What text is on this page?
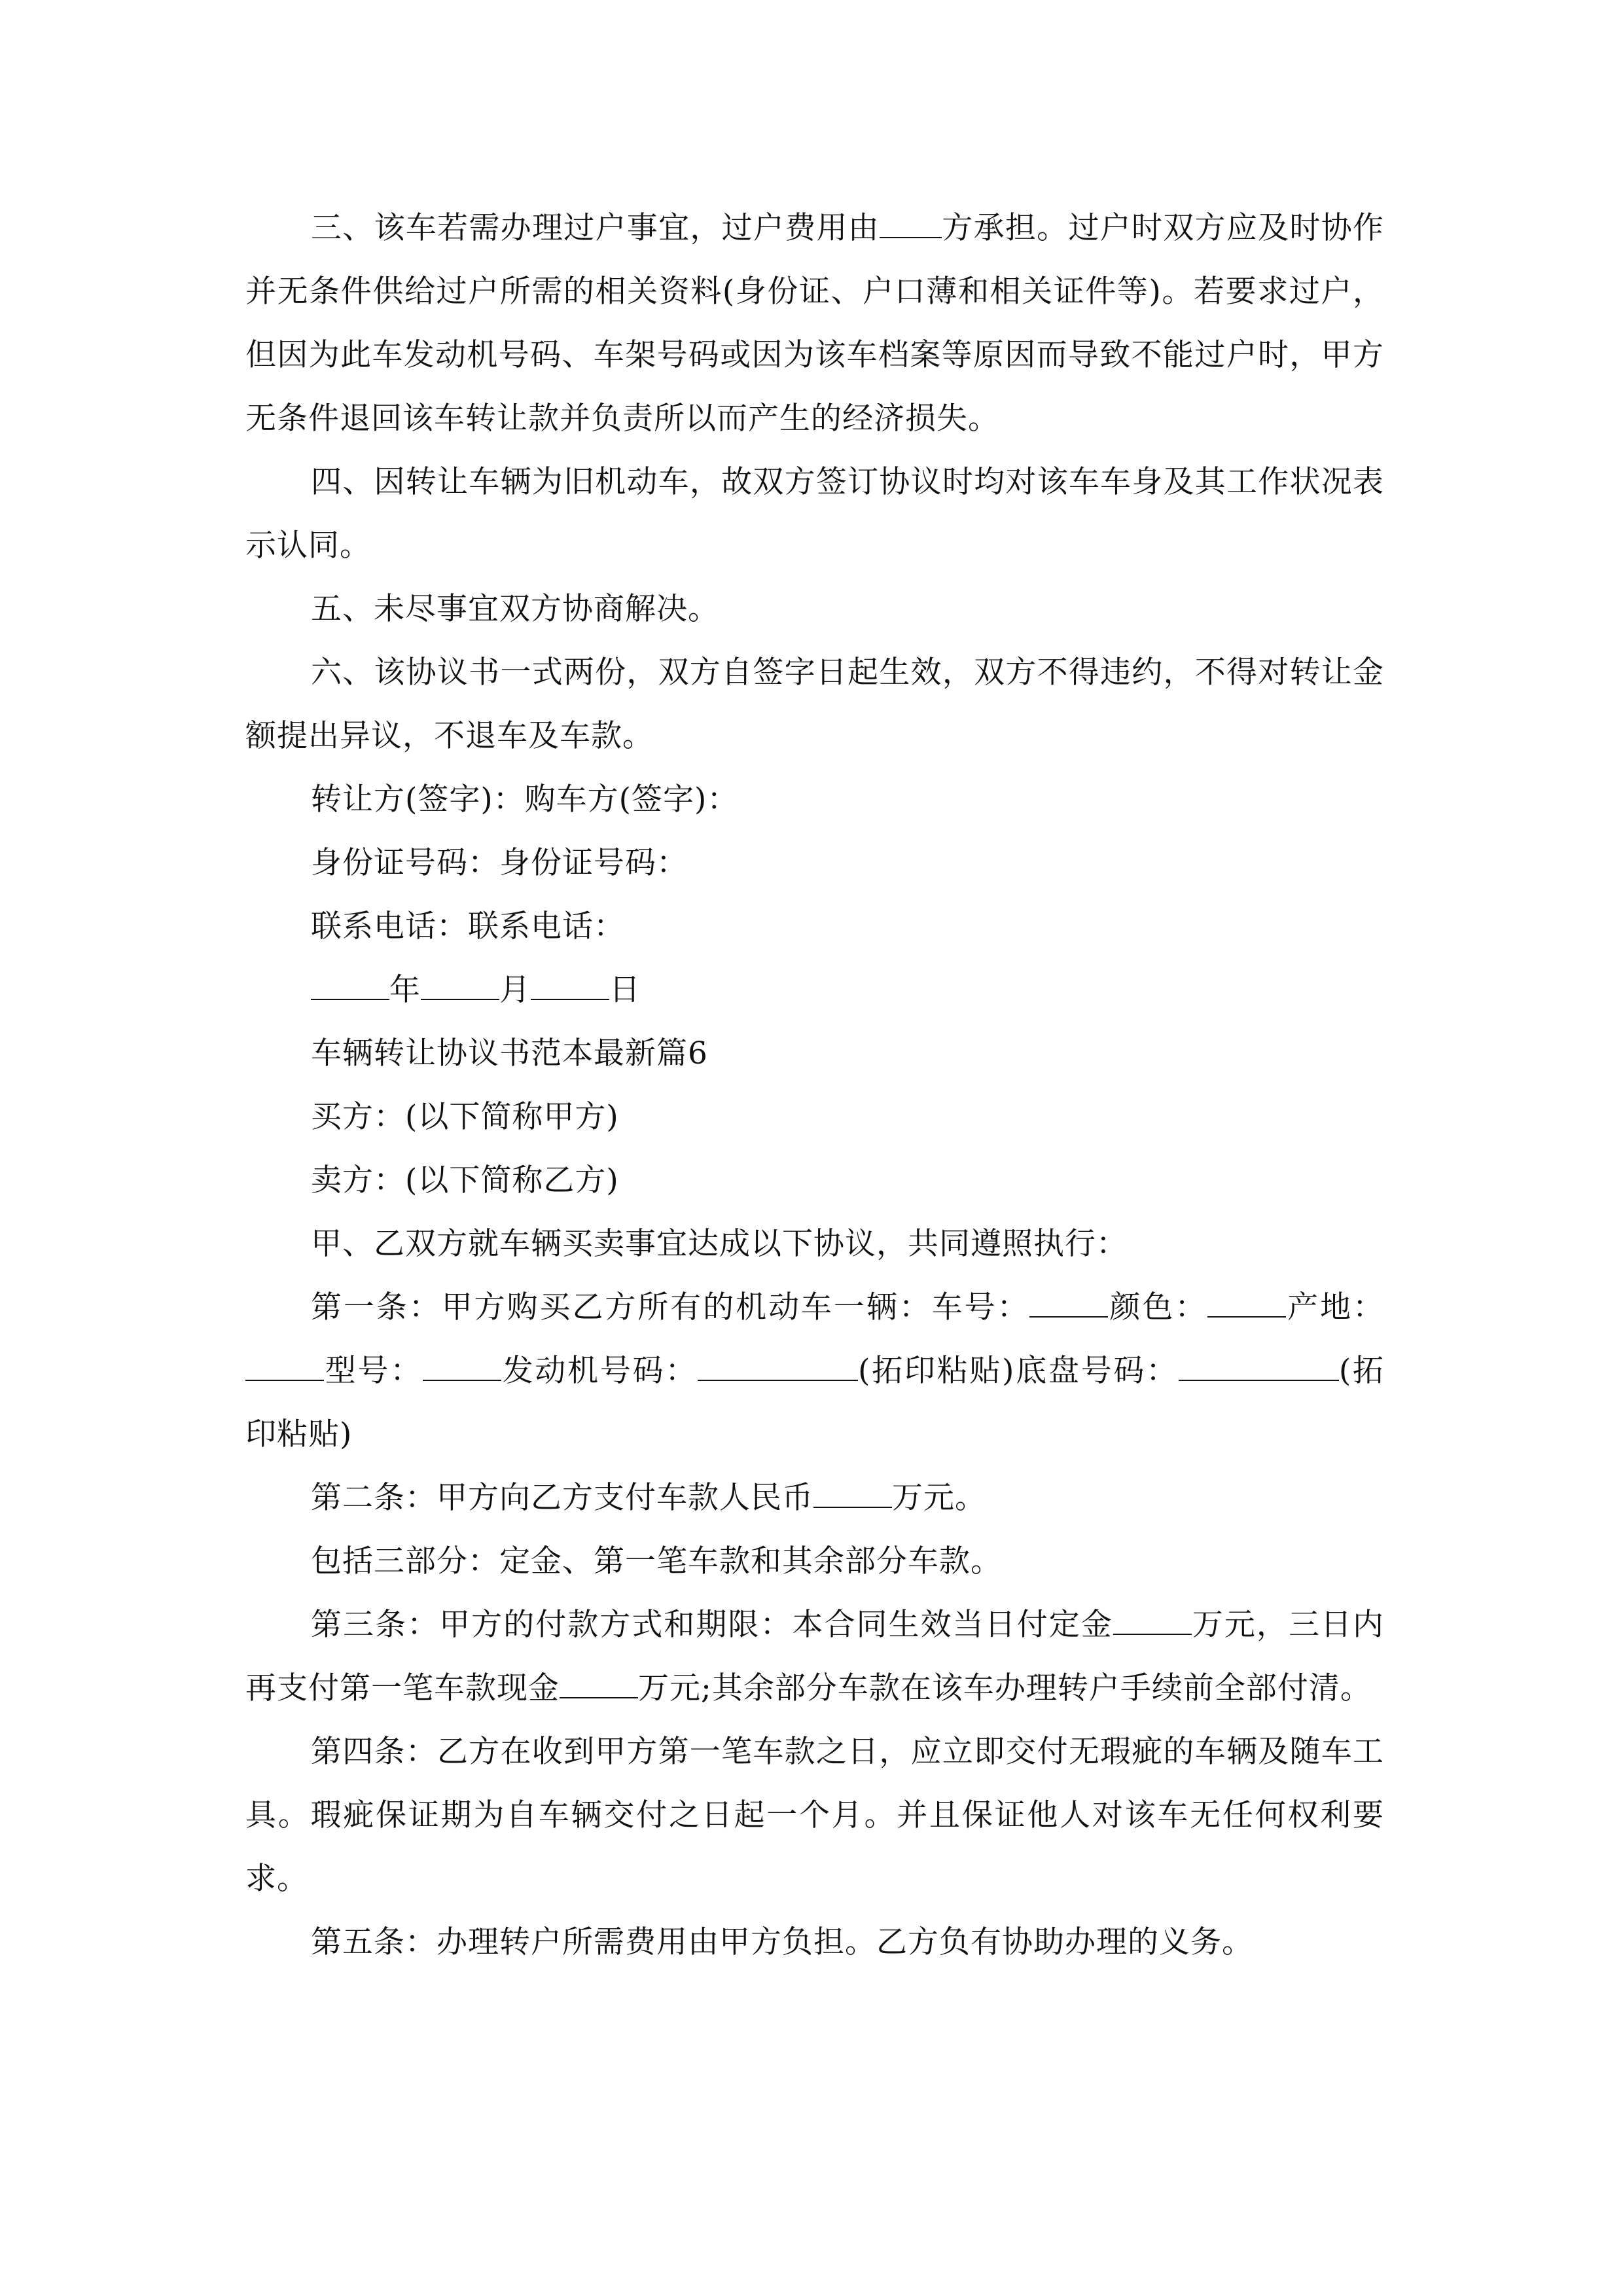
三、该车若需办理过户事宜，过户费用由 方承担。过户时双方应及时协作并无条件供给过户所需的相关资料(身份证、户口薄和相关证件等)。若要求过户，但因为此车发动机号码、车架号码或因为该车档案等原因而导致不能过户时，甲方无条件退回该车转让款并负责所以而产生的经济损失。

四、因转让车辆为旧机动车，故双方签订协议时均对该车车身及其工作状况表示认同。

五、未尽事宜双方协商解决。

六、该协议书一式两份，双方自签字日起生效，双方不得违约，不得对转让金额提出异议，不退车及车款。

转让方(签字)：购车方(签字)：

身份证号码：身份证号码：

联系电话：联系电话：

年	月	日

车辆转让协议书范本最新篇6

买方：(以下简称甲方)

卖方：(以下简称乙方)

甲、乙双方就车辆买卖事宜达成以下协议，共同遵照执行：

第一条：甲方购买乙方所有的机动车一辆：车号：	颜色：	产地：型号：	发动机号码：	(拓印粘贴)底盘号码：	(拓印粘贴)

第二条：甲方向乙方支付车款人民币	万元。

包括三部分：定金、第一笔车款和其余部分车款。

第三条：甲方的付款方式和期限：本合同生效当日付定金	万元，三日内再支付第一笔车款现金	万元;其余部分车款在该车办理转户手续前全部付清。

第四条：乙方在收到甲方第一笔车款之日，应立即交付无瑕疵的车辆及随车工具。瑕疵保证期为自车辆交付之日起一个月。并且保证他人对该车无任何权利要求。

第五条：办理转户所需费用由甲方负担。乙方负有协助办理的义务。
